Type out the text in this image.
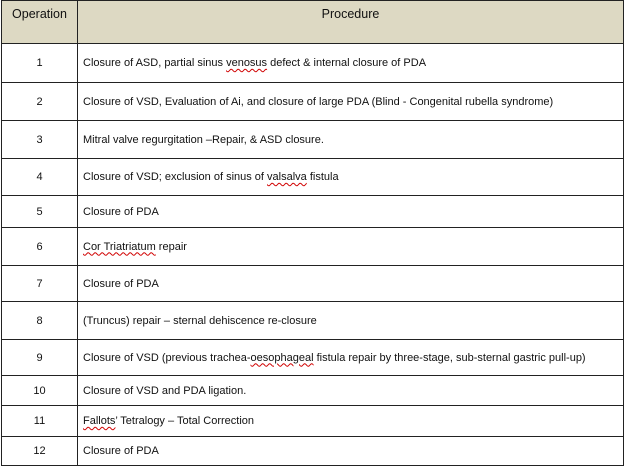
Operation	Procedure
1	Closure of ASD, partial sinus venosus defect & internal closure of PDA
2	Closure of VSD, Evaluation of Ai, and closure of large PDA (Blind - Congenital rubella syndrome)
3	Mitral valve regurgitation –Repair, & ASD closure.
4	Closure of VSD; exclusion of sinus of valsalva fistula
5	Closure of PDA
6	Cor Triatriatum repair
7	Closure of PDA
8	(Truncus) repair – sternal dehiscence re-closure
9	Closure of VSD (previous trachea-oesophageal fistula repair by three-stage, sub-sternal gastric pull-up)
10	Closure of VSD and PDA ligation.
11	Fallots’ Tetralogy – Total Correction
12	Closure of PDA
